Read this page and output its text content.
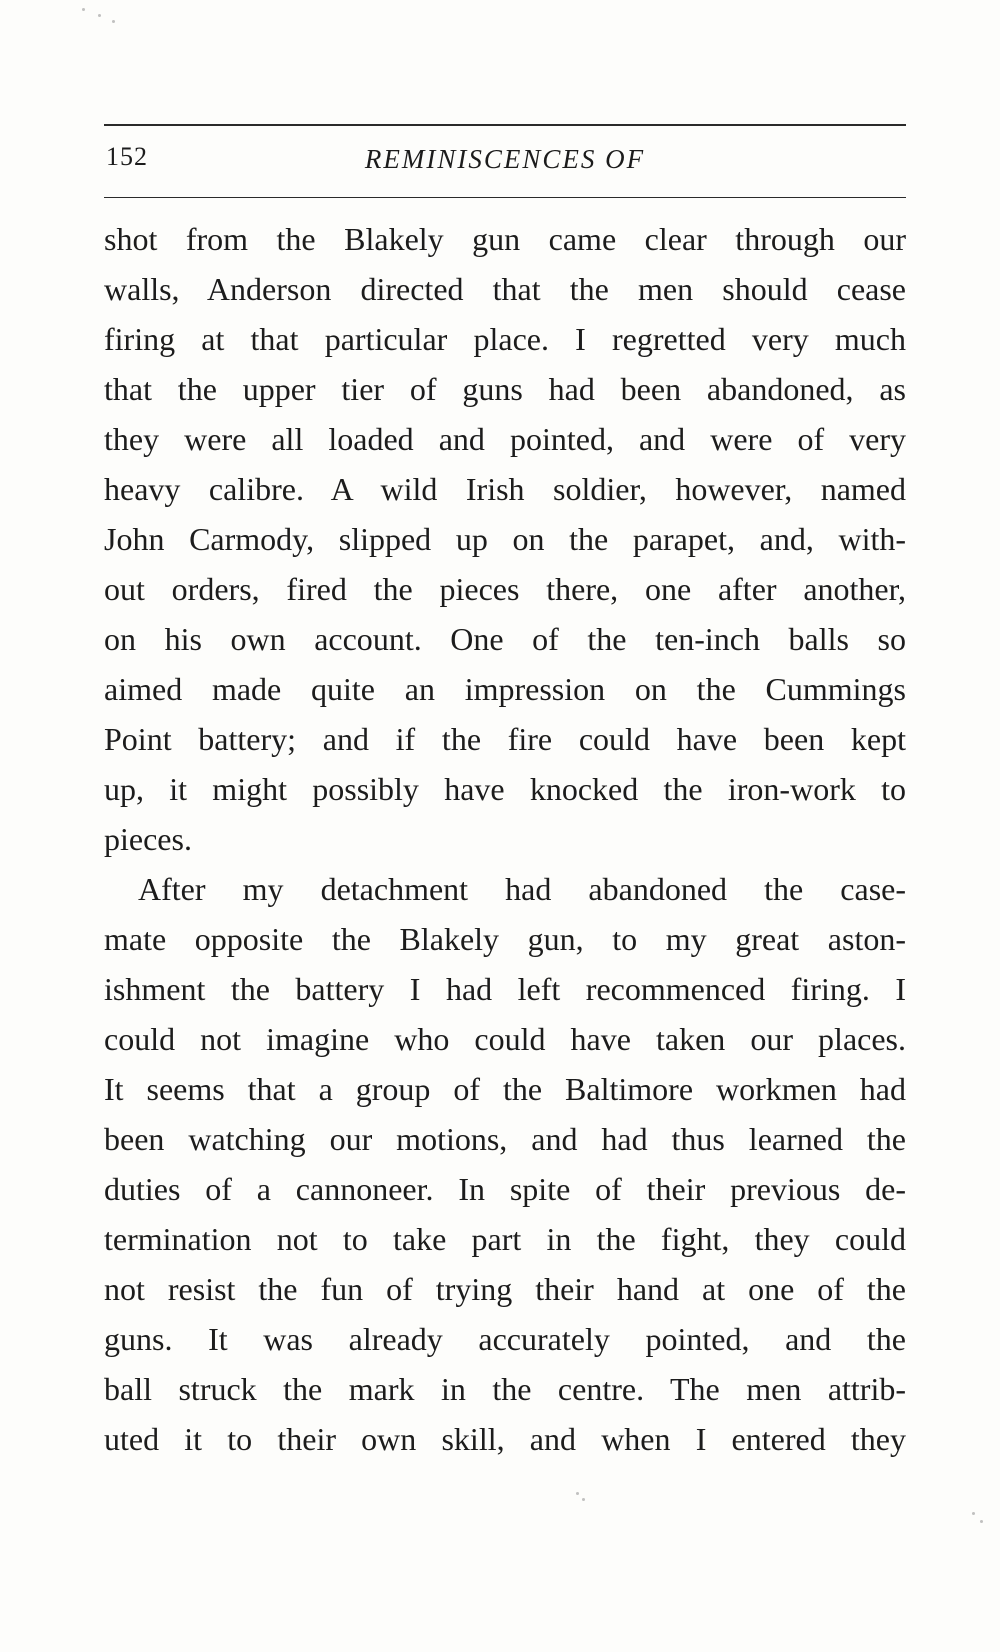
152	REMINISCENCES OF
shot from the Blakely gun came clear through our
walls, Anderson directed that the men should cease
firing at that particular place. I regretted very much
that the upper tier of guns had been abandoned, as
they were all loaded and pointed, and were of very
heavy calibre. A wild Irish soldier, however, named
John Carmody, slipped up on the parapet, and, with-
out orders, fired the pieces there, one after another,
on his own account. One of the ten-inch balls so
aimed made quite an impression on the Cummings
Point battery; and if the fire could have been kept
up, it might possibly have knocked the iron-work to
pieces.
After my detachment had abandoned the case-
mate opposite the Blakely gun, to my great aston-
ishment the battery I had left recommenced firing. I
could not imagine who could have taken our places.
It seems that a group of the Baltimore workmen had
been watching our motions, and had thus learned the
duties of a cannoneer. In spite of their previous de-
termination not to take part in the fight, they could
not resist the fun of trying their hand at one of the
guns. It was already accurately pointed, and the
ball struck the mark in the centre. The men attrib-
uted it to their own skill, and when I entered they
